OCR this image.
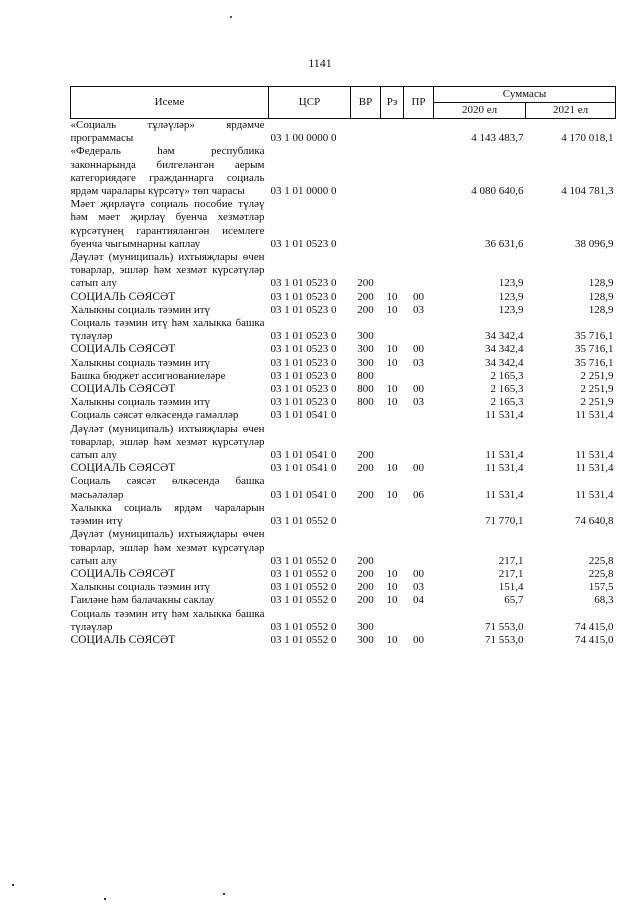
1141
Исеме	ЦСР	ВР	Рз	ПР	Суммасы	
					2020 ел	2021 ел
«Социаль тұләүләр» ярдәмче программасы	03 1 00 0000 0				4 143 483,7	4 170 018,1
«Федераль һәм республика законнарында билгеләнгән аерым категориядәге гражданнарга социаль ярдәм чаралары күрсәтү» төп чарасы	03 1 01 0000 0				4 080 640,6	4 104 781,3
Мәет җирләүгә социаль пособие түләү һәм мәет җирләү буенча хезмәтләр күрсәтүнең гарантияләнгән исемлеге буенча чыгымнарны каплау	03 1 01 0523 0				36 631,6	38 096,9
Дәүләт (муниципаль) ихтыяҗлары өчен товарлар, эшләр һәм хезмәт күрсәтүләр сатып алу	03 1 01 0523 0	200			123,9	128,9
СОЦИАЛЬ СӘЯСӘТ	03 1 01 0523 0	200	10	00	123,9	128,9
Халыкны социаль тәэмин итү	03 1 01 0523 0	200	10	03	123,9	128,9
Социаль тәэмин итү һәм халыкка башка түләүләр	03 1 01 0523 0	300			34 342,4	35 716,1
СОЦИАЛЬ СӘЯСӘТ	03 1 01 0523 0	300	10	00	34 342,4	35 716,1
Халыкны социаль тәэмин итү	03 1 01 0523 0	300	10	03	34 342,4	35 716,1
Башка бюджет ассигнованиеләре	03 1 01 0523 0	800			2 165,3	2 251,9
СОЦИАЛЬ СӘЯСӘТ	03 1 01 0523 0	800	10	00	2 165,3	2 251,9
Халыкны социаль тәэмин итү	03 1 01 0523 0	800	10	03	2 165,3	2 251,9
Социаль сәясәт өлкәсендә гамәлләр	03 1 01 0541 0				11 531,4	11 531,4
Дәүләт (муниципаль) ихтыяҗлары өчен товарлар, эшләр һәм хезмәт күрсәтүләр сатып алу	03 1 01 0541 0	200			11 531,4	11 531,4
СОЦИАЛЬ СӘЯСӘТ	03 1 01 0541 0	200	10	00	11 531,4	11 531,4
Социаль сәясәт өлкәсендә башка мәсьәләләр	03 1 01 0541 0	200	10	06	11 531,4	11 531,4
Халыкка социаль ярдәм чараларын тәэмин итү	03 1 01 0552 0				71 770,1	74 640,8
Дәүләт (муниципаль) ихтыяҗлары өчен товарлар, эшләр һәм хезмәт күрсәтүләр сатып алу	03 1 01 0552 0	200			217,1	225,8
СОЦИАЛЬ СӘЯСӘТ	03 1 01 0552 0	200	10	00	217,1	225,8
Халыкны социаль тәэмин итү	03 1 01 0552 0	200	10	03	151,4	157,5
Гаиләне һәм балачакны саклау	03 1 01 0552 0	200	10	04	65,7	68,3
Социаль тәэмин итү һәм халыкка башка түләүләр	03 1 01 0552 0	300			71 553,0	74 415,0
СОЦИАЛЬ СӘЯСӘТ	03 1 01 0552 0	300	10	00	71 553,0	74 415,0
